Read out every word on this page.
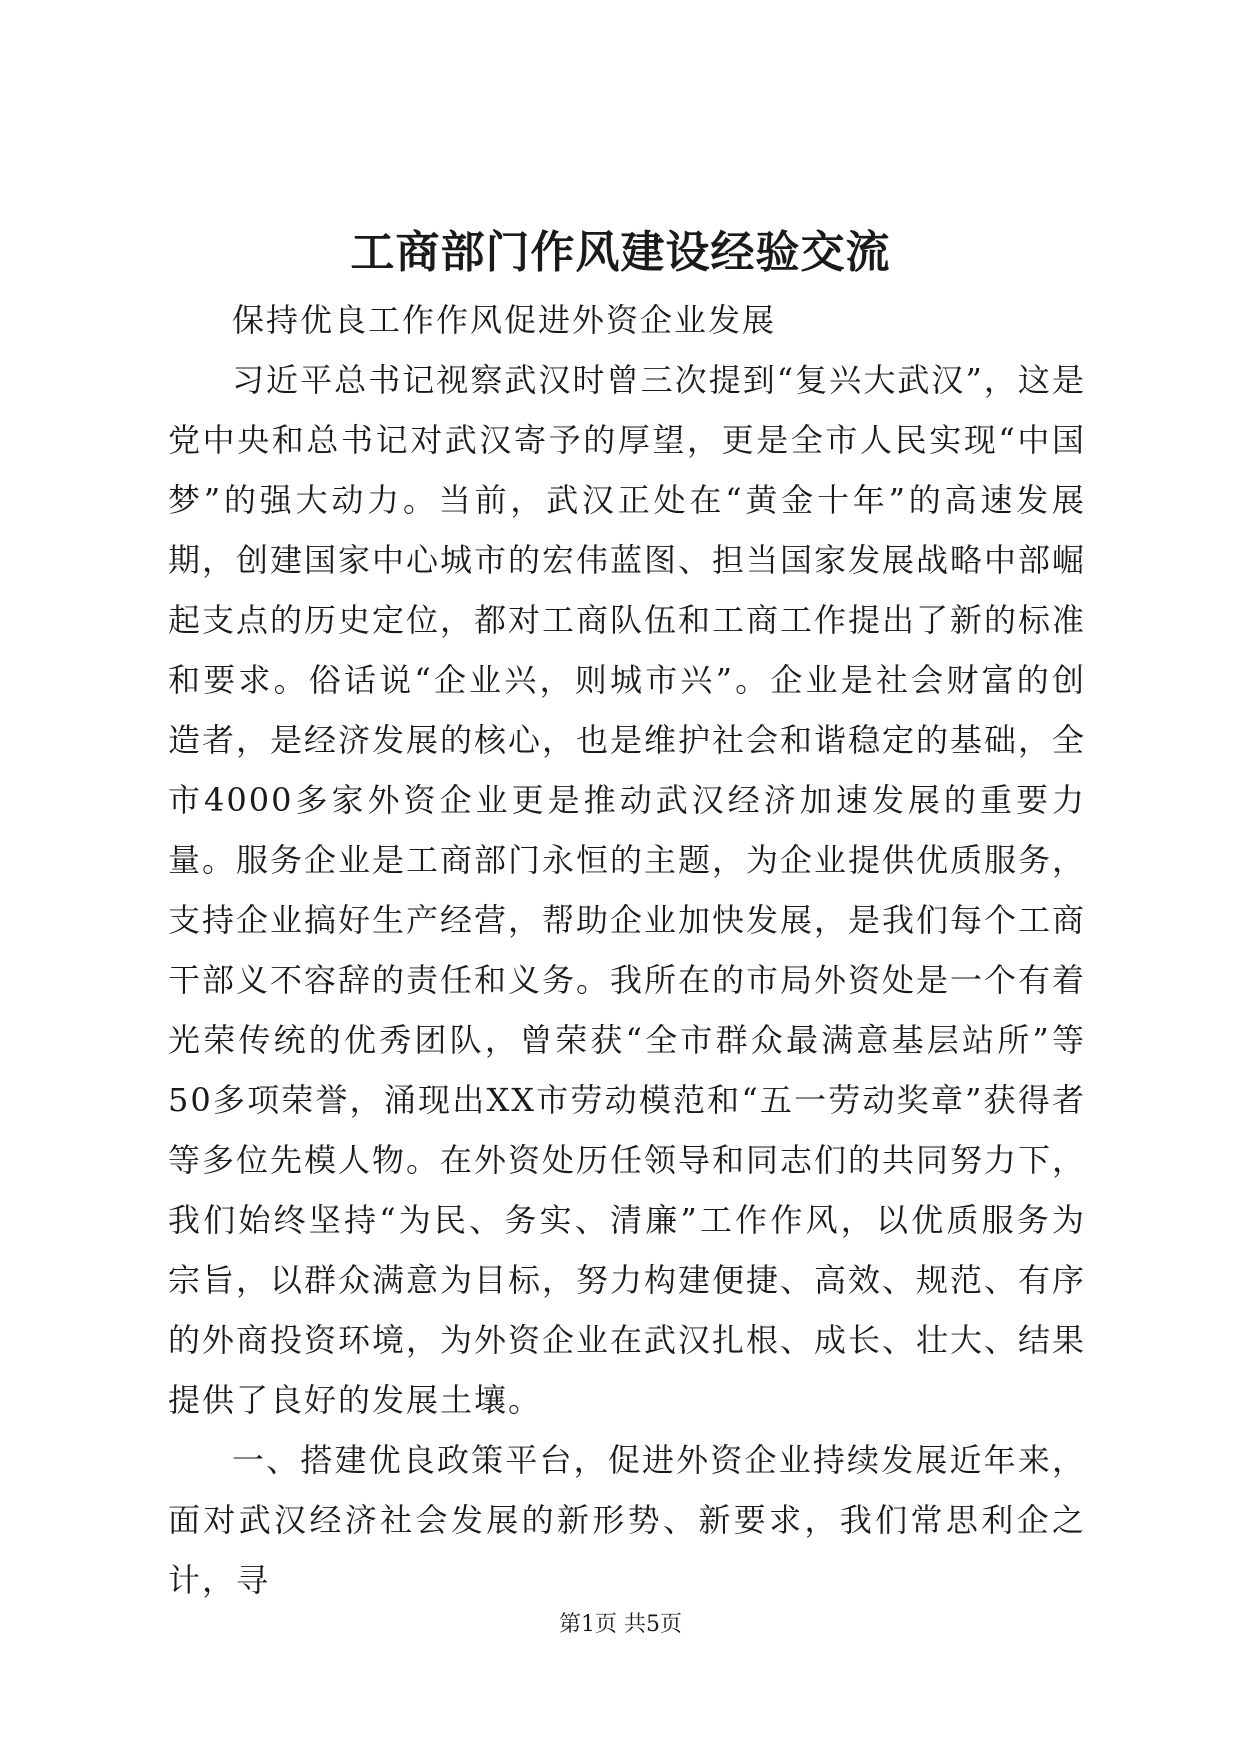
工商部门作风建设经验交流

保持优良工作作风促进外资企业发展

习近平总书记视察武汉时曾三次提到“复兴大武汉”，这是党中央和总书记对武汉寄予的厚望，更是全市人民实现“中国梦”的强大动力。当前，武汉正处在“黄金十年”的高速发展期，创建国家中心城市的宏伟蓝图、担当国家发展战略中部崛起支点的历史定位，都对工商队伍和工商工作提出了新的标准和要求。俗话说“企业兴，则城市兴”。企业是社会财富的创造者，是经济发展的核心，也是维护社会和谐稳定的基础，全市4000多家外资企业更是推动武汉经济加速发展的重要力量。服务企业是工商部门永恒的主题，为企业提供优质服务，支持企业搞好生产经营，帮助企业加快发展，是我们每个工商干部义不容辞的责任和义务。我所在的市局外资处是一个有着光荣传统的优秀团队，曾荣获“全市群众最满意基层站所”等50多项荣誉，涌现出XX市劳动模范和“五一劳动奖章”获得者等多位先模人物。在外资处历任领导和同志们的共同努力下，我们始终坚持“为民、务实、清廉”工作作风，以优质服务为宗旨，以群众满意为目标，努力构建便捷、高效、规范、有序的外商投资环境，为外资企业在武汉扎根、成长、壮大、结果提供了良好的发展土壤。

一、搭建优良政策平台，促进外资企业持续发展近年来，面对武汉经济社会发展的新形势、新要求，我们常思利企之计，寻

第1页 共5页
